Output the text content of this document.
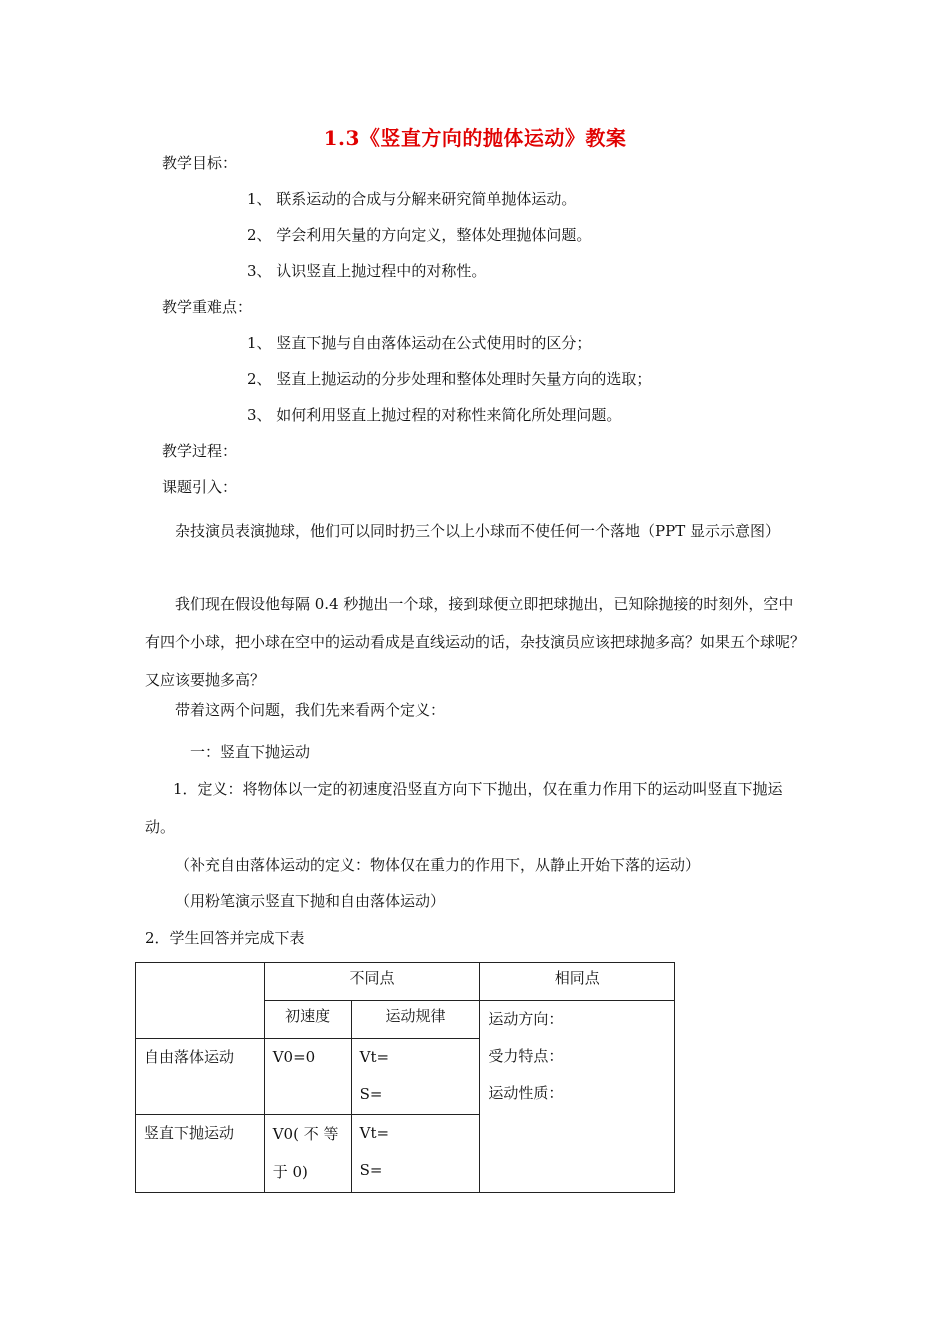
1.3《竖直方向的抛体运动》教案
教学目标：
1、 联系运动的合成与分解来研究简单抛体运动。
2、 学会利用矢量的方向定义，整体处理抛体问题。
3、 认识竖直上抛过程中的对称性。
教学重难点：
1、 竖直下抛与自由落体运动在公式使用时的区分；
2、 竖直上抛运动的分步处理和整体处理时矢量方向的选取；
3、 如何利用竖直上抛过程的对称性来简化所处理问题。
教学过程：
课题引入：
杂技演员表演抛球，他们可以同时扔三个以上小球而不使任何一个落地（PPT 显示示意图）
我们现在假设他每隔 0.4 秒抛出一个球，接到球便立即把球抛出，已知除抛接的时刻外，空中有四个小球，把小球在空中的运动看成是直线运动的话，杂技演员应该把球抛多高？如果五个球呢？又应该要抛多高？
带着这两个问题，我们先来看两个定义：
一：竖直下抛运动
1．定义：将物体以一定的初速度沿竖直方向下下抛出，仅在重力作用下的运动叫竖直下抛运动。
（补充自由落体运动的定义：物体仅在重力的作用下，从静止开始下落的运动）
（用粉笔演示竖直下抛和自由落体运动）
2．学生回答并完成下表
	不同点		相同点
	初速度	运动规律	运动方向：
受力特点：
运动性质：

自由落体运动	V0=0	Vt=
S=	

竖直下抛运动	V0( 不 等 于 0)	Vt=
S=	
